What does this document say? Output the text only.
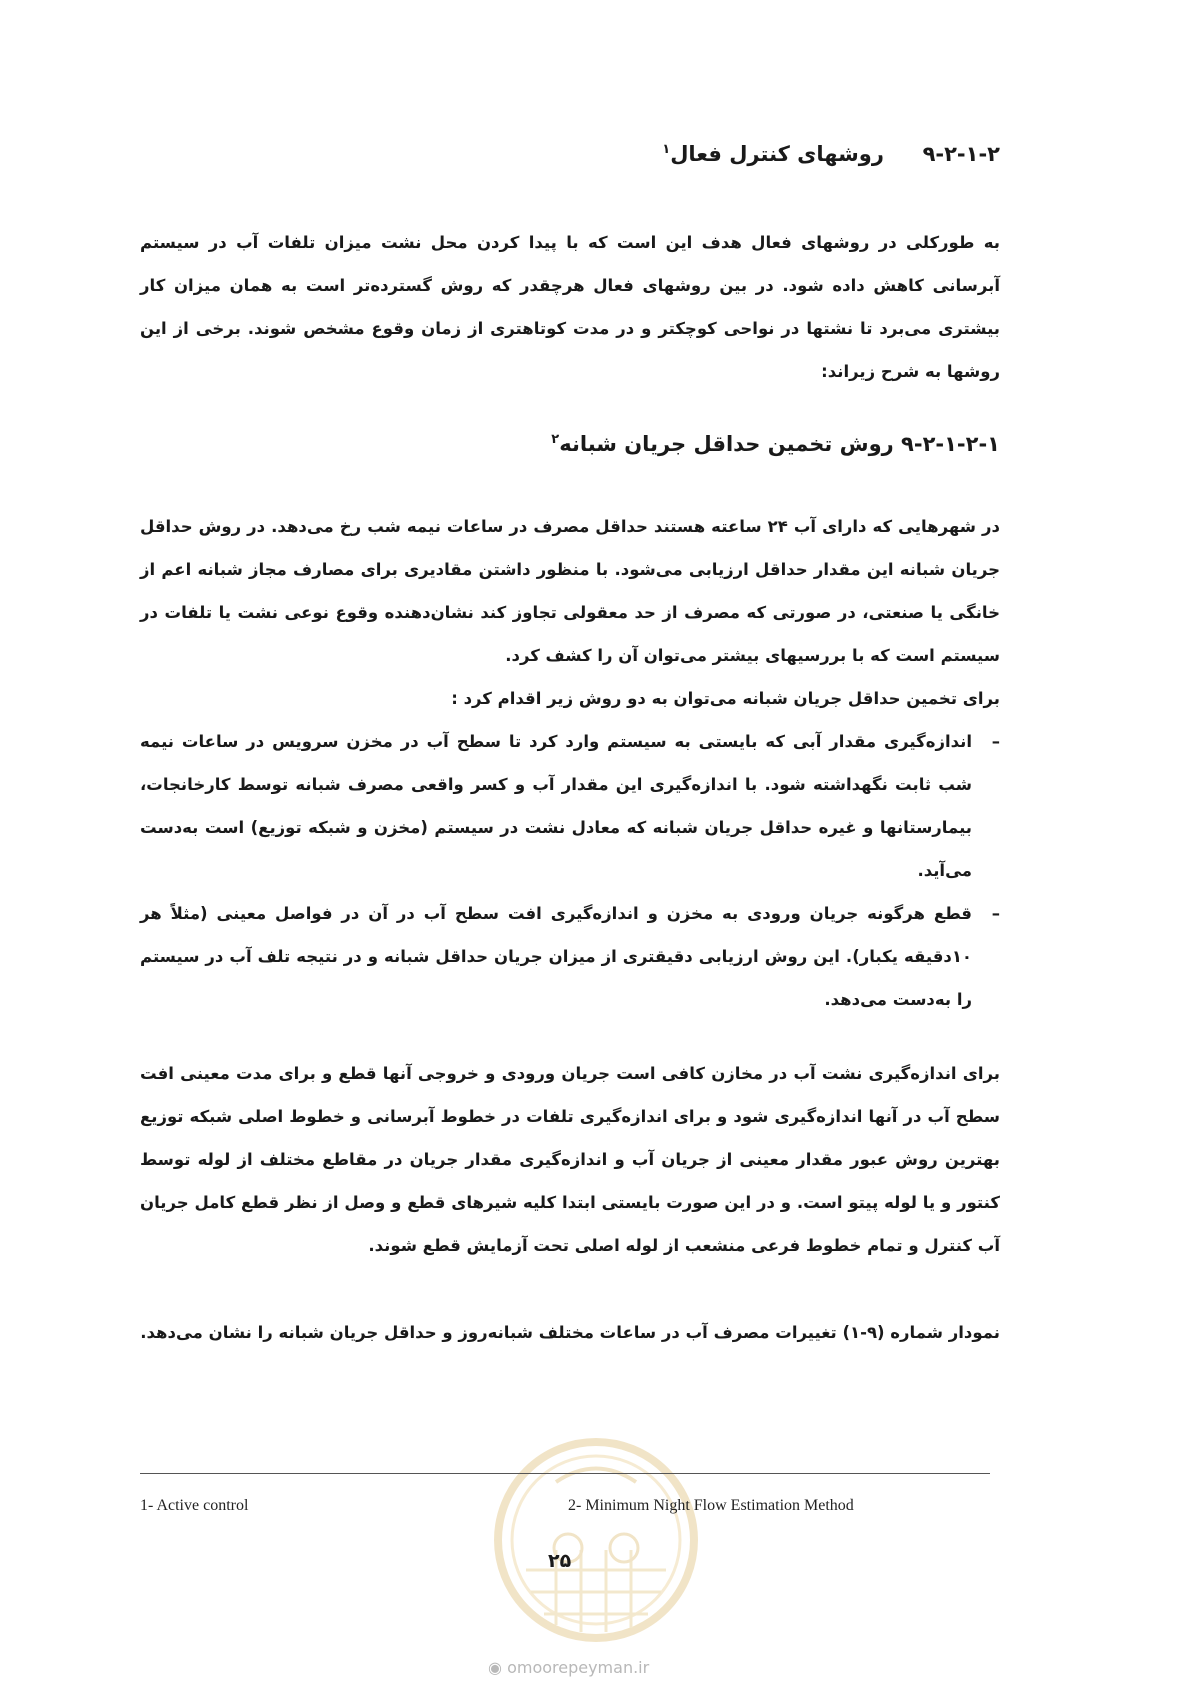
۹-۲-۱-۲  روشهای کنترل فعال$^۱$

به طورکلی در روشهای فعال هدف این است که با پیدا کردن محل نشت میزان تلفات آب در سیستم آبرسانی کاهش داده شود. در بین روشهای فعال هرچقدر که روش گسترده‌تر است به همان میزان کار بیشتری می‌برد تا نشتها در نواحی کوچکتر و در مدت کوتاهتری از زمان وقوع مشخص شوند. برخی از این روشها به شرح زیراند:

۹-۲-۱-۲-۱ روش تخمین حداقل جریان شبانه$^۲$

در شهرهایی که دارای آب ۲۴ ساعته هستند حداقل مصرف در ساعات نیمه شب رخ می‌دهد. در روش حداقل جریان شبانه این مقدار حداقل ارزیابی می‌شود. با منظور داشتن مقادیری برای مصارف مجاز شبانه اعم از خانگی یا صنعتی، در صورتی که مصرف از حد معقولی تجاوز کند نشان‌دهنده وقوع نوعی نشت یا تلفات در سیستم است که با بررسیهای بیشتر می‌توان آن را کشف کرد.

برای تخمین حداقل جریان شبانه می‌توان به دو روش زیر اقدام کرد :

–
اندازه‌گیری مقدار آبی که بایستی به سیستم وارد کرد تا سطح آب در مخزن سرویس در ساعات نیمه شب ثابت نگهداشته شود. با اندازه‌گیری این مقدار آب و کسر واقعی مصرف شبانه توسط کارخانجات، بیمارستانها و غیره حداقل جریان شبانه که معادل نشت در سیستم (مخزن و شبکه توزیع) است به‌دست می‌آید.
–
قطع هرگونه جریان ورودی به مخزن و اندازه‌گیری افت سطح آب در آن در فواصل معینی (مثلاً هر ۱۰دقیقه یکبار). این روش ارزیابی دقیقتری از میزان جریان حداقل شبانه و در نتیجه تلف آب در سیستم را به‌دست می‌دهد.

برای اندازه‌گیری نشت آب در مخازن کافی است جریان ورودی و خروجی آنها قطع و برای مدت معینی افت سطح آب در آنها اندازه‌گیری شود و برای اندازه‌گیری تلفات در خطوط آبرسانی و خطوط اصلی شبکه توزیع بهترین روش عبور مقدار معینی از جریان آب و اندازه‌گیری مقدار جریان در مقاطع مختلف از لوله توسط کنتور و یا لوله پیتو است. و در این صورت بایستی ابتدا کلیه شیرهای قطع و وصل از نظر قطع کامل جریان آب کنترل و تمام خطوط فرعی منشعب از لوله اصلی تحت آزمایش قطع شوند.

نمودار شماره (۹-۱) تغییرات مصرف آب در ساعات مختلف شبانه‌روز و حداقل جریان شبانه را نشان می‌دهد.

1- Active control	2- Minimum Night Flow Estimation Method
۲۵
◉ omoorepeyman.ir
